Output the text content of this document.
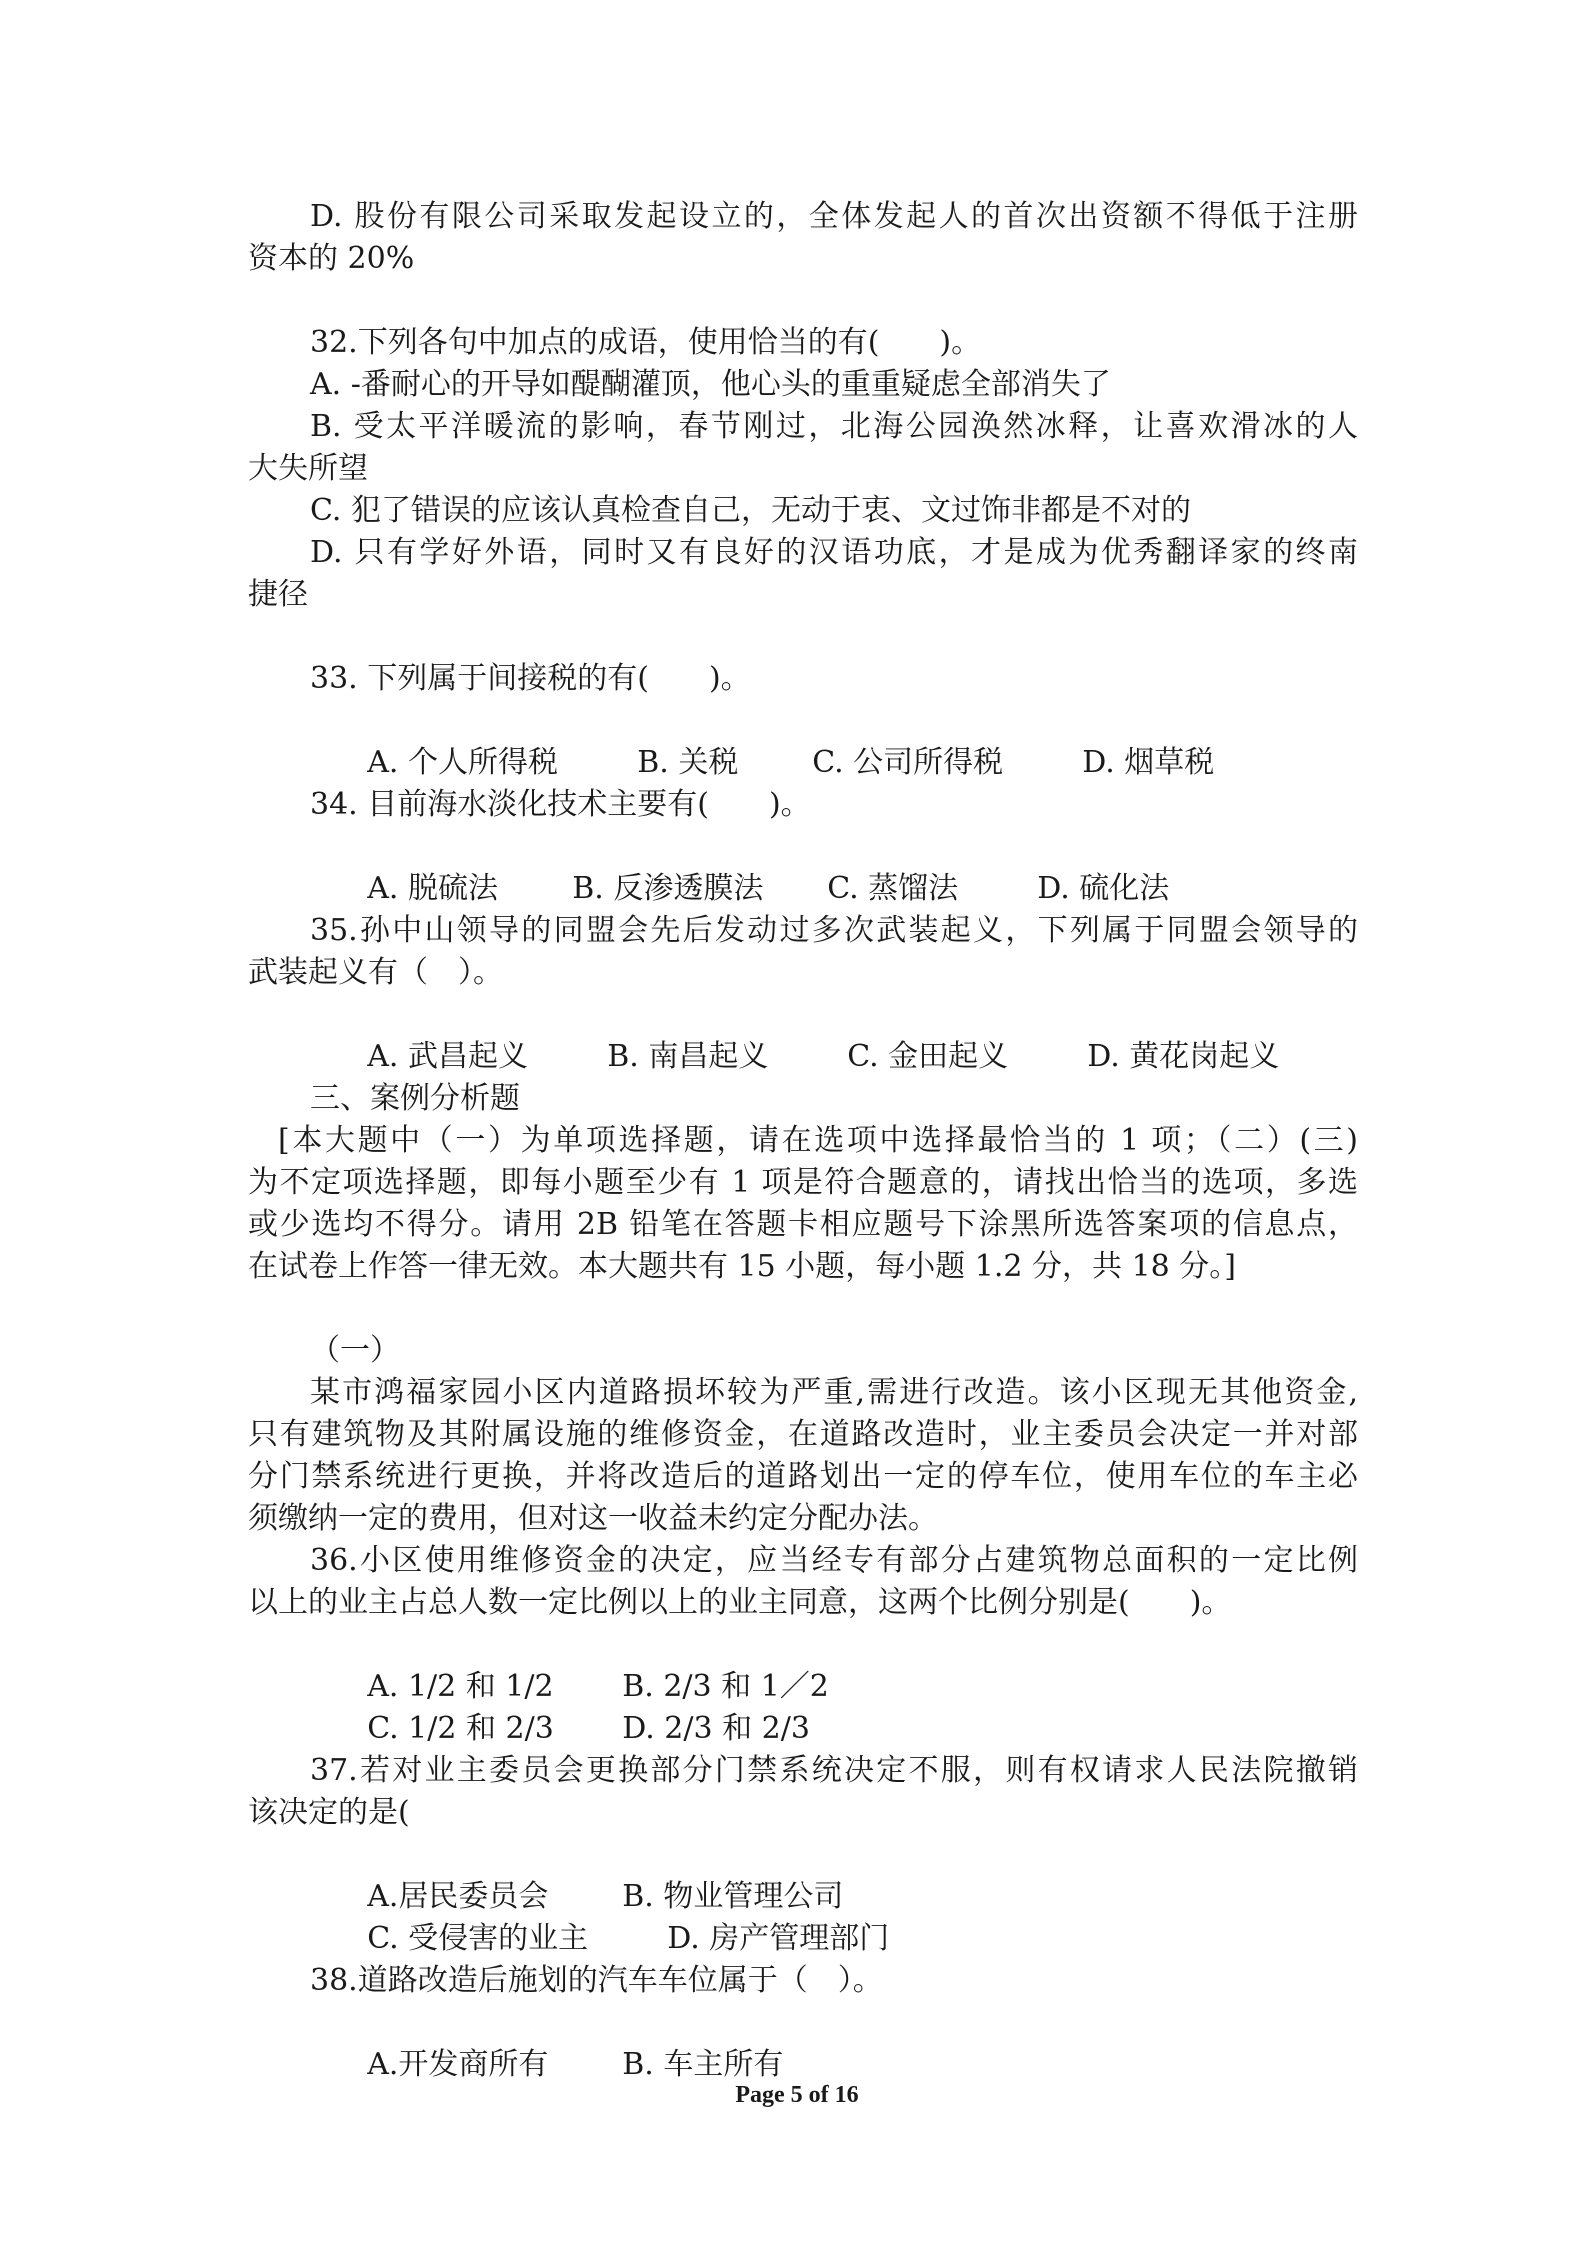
D. 股份有限公司采取发起设立的，全体发起人的首次出资额不得低于注册
资本的 20%
32.下列各句中加点的成语，使用恰当的有(　　)。
A. -番耐心的开导如醍醐灌顶，他心头的重重疑虑全部消失了
B. 受太平洋暖流的影响，春节刚过，北海公园涣然冰释，让喜欢滑冰的人
大失所望
C. 犯了错误的应该认真检查自己，无动于衷、文过饰非都是不对的
D. 只有学好外语，同时又有良好的汉语功底，才是成为优秀翻译家的终南
捷径
33. 下列属于间接税的有(　　)。

A. 个人所得税	B. 关税 C. 公司所得税	D. 烟草税

34. 目前海水淡化技术主要有(　　)。

A. 脱硫法 B. 反渗透膜法 C. 蒸馏法	D. 硫化法

35.孙中山领导的同盟会先后发动过多次武装起义，下列属于同盟会领导的
武装起义有（　）。

A. 武昌起义	B. 南昌起义	C. 金田起义	D. 黄花岗起义

三、案例分析题
[本大题中（一）为单项选择题，请在选项中选择最恰当的 1 项；（二）(三)
为不定项选择题，即每小题至少有 1 项是符合题意的，请找出恰当的选项，多选
或少选均不得分。请用 2B 铅笔在答题卡相应题号下涂黑所选答案项的信息点，
在试卷上作答一律无效。本大题共有 15 小题，每小题 1.2 分，共 18 分。]
（一）
某市鸿福家园小区内道路损坏较为严重,需进行改造。该小区现无其他资金,
只有建筑物及其附属设施的维修资金，在道路改造时，业主委员会决定一并对部
分门禁系统进行更换，并将改造后的道路划出一定的停车位，使用车位的车主必
须缴纳一定的费用，但对这一收益未约定分配办法。
36.小区使用维修资金的决定，应当经专有部分占建筑物总面积的一定比例
以上的业主占总人数一定比例以上的业主同意，这两个比例分别是(　　)。

A. 1/2 和 1/2 B. 2/3 和 1／2

C. 1/2 和 2/3 D. 2/3 和 2/3

37.若对业主委员会更换部分门禁系统决定不服，则有权请求人民法院撤销
该决定的是(

A.居民委员会 B. 物业管理公司

C. 受侵害的业主	D. 房产管理部门

38.道路改造后施划的汽车车位属于（　）。

A.开发商所有 B. 车主所有

Page 5 of 16
